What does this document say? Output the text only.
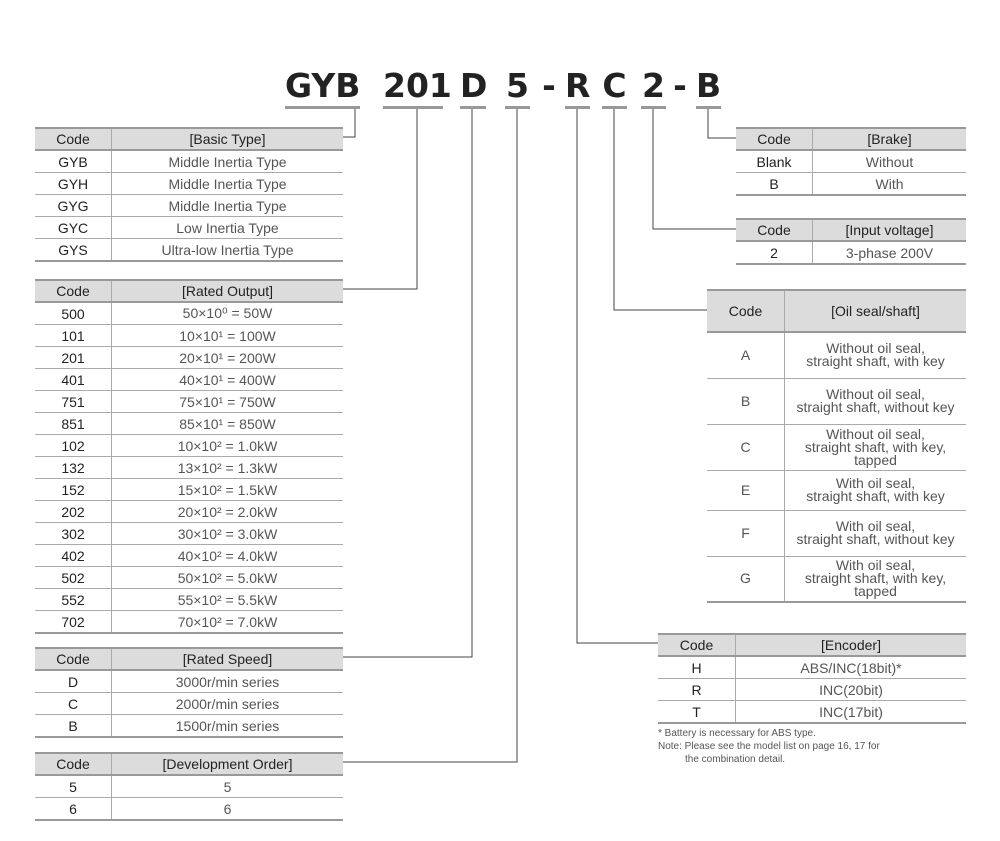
GYB 201 D 5 - R C 2 - B
Code	[Basic Type]
GYB	Middle Inertia Type
GYH	Middle Inertia Type
GYG	Middle Inertia Type
GYC	Low Inertia Type
GYS	Ultra-low Inertia Type
Code	[Rated Output]
500	50×10⁰ = 50W
101	10×10¹ = 100W
201	20×10¹ = 200W
401	40×10¹ = 400W
751	75×10¹ = 750W
851	85×10¹ = 850W
102	10×10² = 1.0kW
132	13×10² = 1.3kW
152	15×10² = 1.5kW
202	20×10² = 2.0kW
302	30×10² = 3.0kW
402	40×10² = 4.0kW
502	50×10² = 5.0kW
552	55×10² = 5.5kW
702	70×10² = 7.0kW
Code	[Rated Speed]
D	3000r/min series
C	2000r/min series
B	1500r/min series
Code	[Development Order]
5	5
6	6
Code	[Brake]
Blank	Without
B	With
Code	[Input voltage]
2	3-phase 200V
Code	[Oil seal/shaft]
A	Without oil seal,
straight shaft, with key

B	Without oil seal,
straight shaft, without key

C	Without oil seal,
straight shaft, with key,
tapped

E	With oil seal,
straight shaft, with key

F	With oil seal,
straight shaft, without key

G	With oil seal,
straight shaft, with key,
tapped
Code	[Encoder]
H	ABS/INC(18bit)*
R	INC(20bit)
T	INC(17bit)
* Battery is necessary for ABS type.
Note: Please see the model list on page 16, 17 for
the combination detail.
